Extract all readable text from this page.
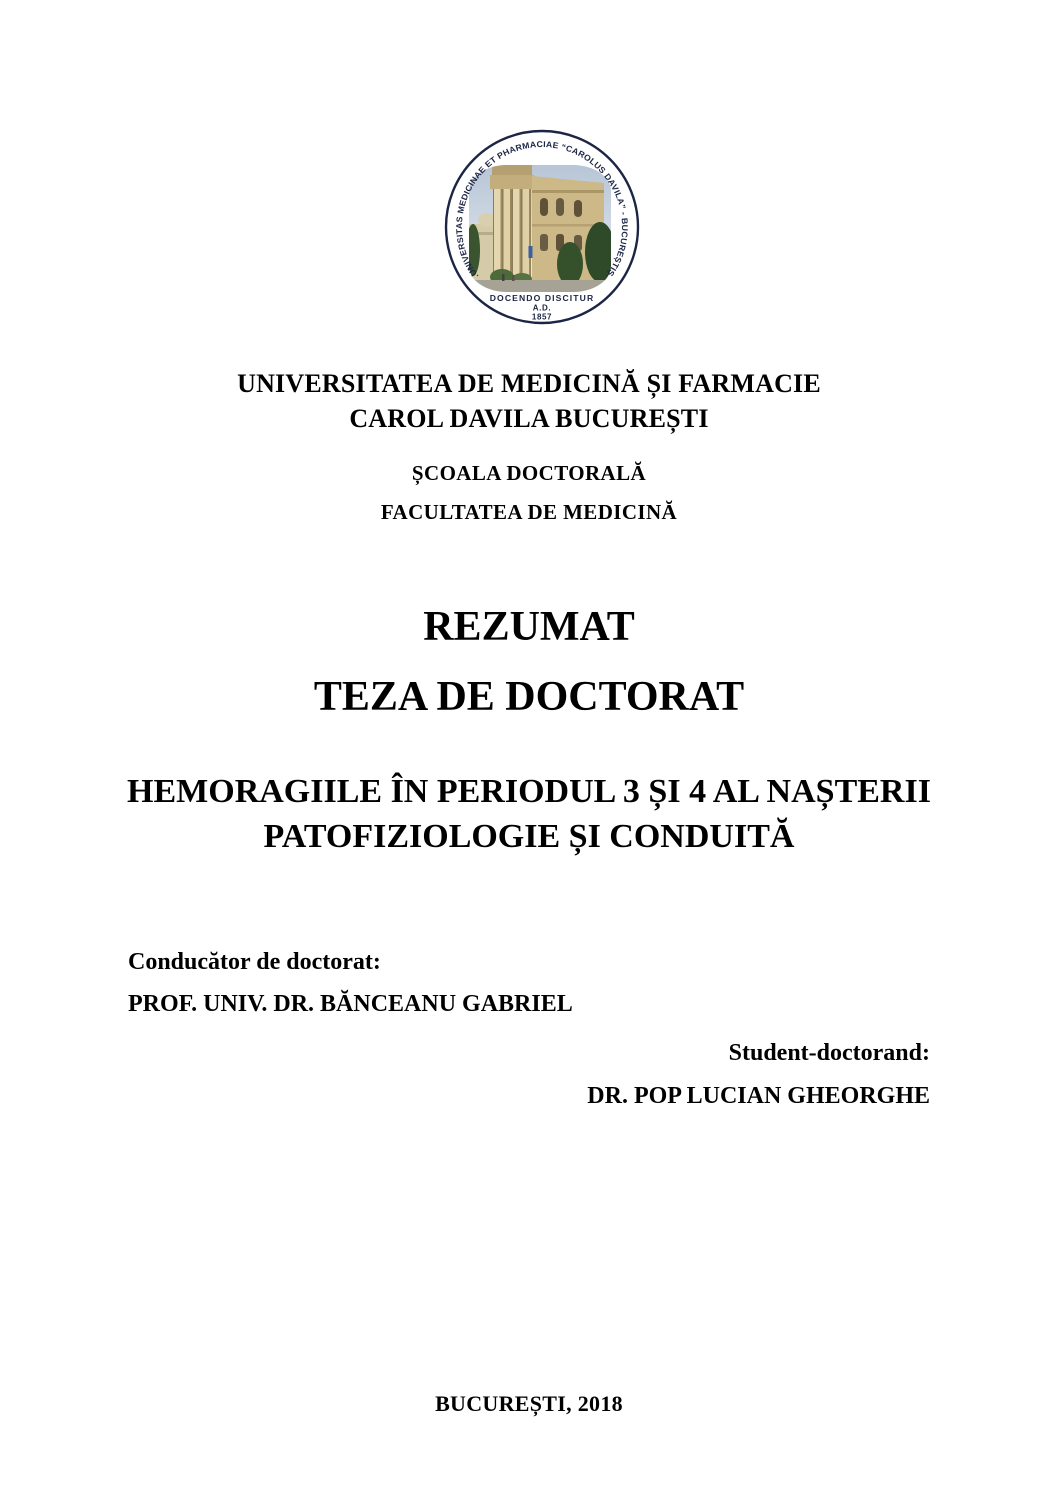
.UNIVERSITAS MEDICINAE ET PHARMACIAE “CAROLUS DAVILA” - BUCUREȘTIȘ.
DOCENDO DISCITUR
A.D.
1857
UNIVERSITATEA DE MEDICINĂ ȘI FARMACIE
CAROL DAVILA BUCUREȘTI
ȘCOALA DOCTORALĂ
FACULTATEA DE MEDICINĂ
REZUMAT
TEZA DE DOCTORAT
HEMORAGIILE ÎN PERIODUL 3 ȘI 4 AL NAȘTERII
PATOFIZIOLOGIE ȘI CONDUITĂ
Conducător de doctorat:
PROF. UNIV. DR. BĂNCEANU GABRIEL
Student-doctorand:
DR. POP LUCIAN GHEORGHE
BUCUREȘTI, 2018
